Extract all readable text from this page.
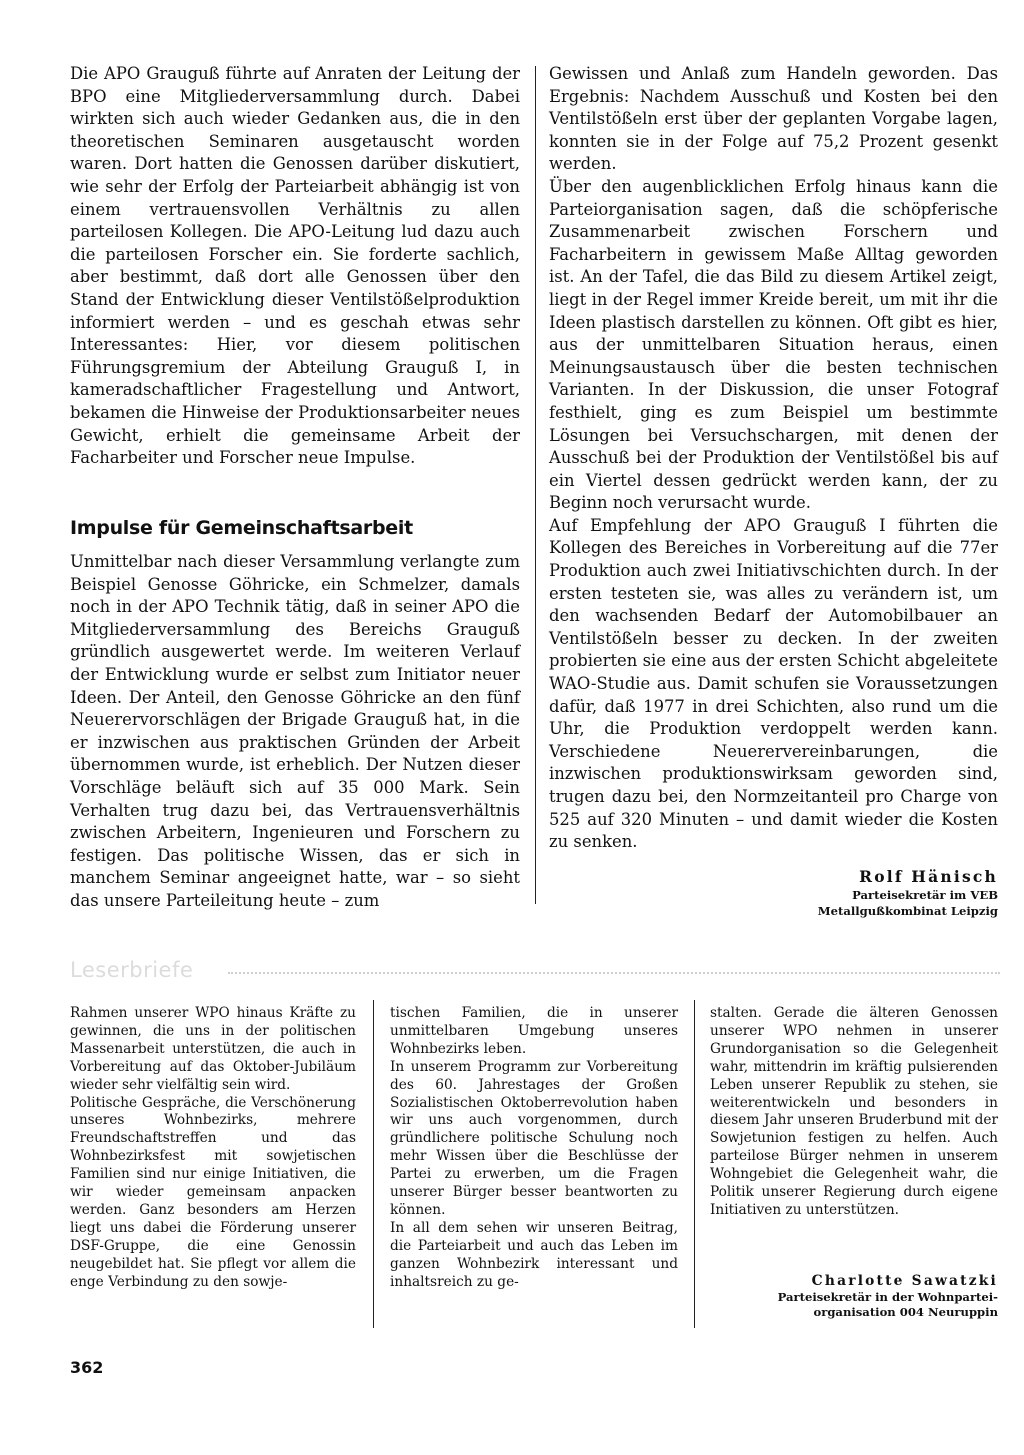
Die APO Grauguß führte auf Anraten der Leitung der BPO eine Mitgliederversammlung durch. Dabei wirkten sich auch wieder Gedanken aus, die in den theoretischen Seminaren ausgetauscht worden waren. Dort hatten die Genossen darüber diskutiert, wie sehr der Erfolg der Parteiarbeit abhängig ist von einem vertrauensvollen Verhältnis zu allen parteilosen Kollegen. Die APO-Leitung lud dazu auch die parteilosen Forscher ein. Sie forderte sachlich, aber bestimmt, daß dort alle Genossen über den Stand der Entwicklung dieser Ventilstößelproduktion informiert werden – und es geschah etwas sehr Interessantes: Hier, vor diesem politischen Führungsgremium der Abteilung Grauguß I, in kameradschaftlicher Fragestellung und Antwort, bekamen die Hinweise der Produktionsarbeiter neues Gewicht, erhielt die gemeinsame Arbeit der Facharbeiter und Forscher neue Impulse.

Impulse für Gemeinschaftsarbeit

Unmittelbar nach dieser Versammlung verlangte zum Beispiel Genosse Göhricke, ein Schmelzer, damals noch in der APO Technik tätig, daß in seiner APO die Mitgliederversammlung des Bereichs Grauguß gründlich ausgewertet werde. Im weiteren Verlauf der Entwicklung wurde er selbst zum Initiator neuer Ideen. Der Anteil, den Genosse Göhricke an den fünf Neuerervorschlägen der Brigade Grauguß hat, in die er inzwischen aus praktischen Gründen der Arbeit übernommen wurde, ist erheblich. Der Nutzen dieser Vorschläge beläuft sich auf 35 000 Mark. Sein Verhalten trug dazu bei, das Vertrauensverhältnis zwischen Arbeitern, Ingenieuren und Forschern zu festigen. Das politische Wissen, das er sich in manchem Seminar angeeignet hatte, war – so sieht das unsere Parteileitung heute – zum

Gewissen und Anlaß zum Handeln geworden. Das Ergebnis: Nachdem Ausschuß und Kosten bei den Ventilstößeln erst über der geplanten Vorgabe lagen, konnten sie in der Folge auf 75,2 Prozent gesenkt werden.

Über den augenblicklichen Erfolg hinaus kann die Parteiorganisation sagen, daß die schöpferische Zusammenarbeit zwischen Forschern und Facharbeitern in gewissem Maße Alltag geworden ist. An der Tafel, die das Bild zu diesem Artikel zeigt, liegt in der Regel immer Kreide bereit, um mit ihr die Ideen plastisch darstellen zu können. Oft gibt es hier, aus der unmittelbaren Situation heraus, einen Meinungsaustausch über die besten technischen Varianten. In der Diskussion, die unser Fotograf festhielt, ging es zum Beispiel um bestimmte Lösungen bei Versuchschargen, mit denen der Ausschuß bei der Produktion der Ventilstößel bis auf ein Viertel dessen gedrückt werden kann, der zu Beginn noch verursacht wurde.

Auf Empfehlung der APO Grauguß I führten die Kollegen des Bereiches in Vorbereitung auf die 77er Produktion auch zwei Initiativschichten durch. In der ersten testeten sie, was alles zu verändern ist, um den wachsenden Bedarf der Automobilbauer an Ventilstößeln besser zu decken. In der zweiten probierten sie eine aus der ersten Schicht abgeleitete WAO-Studie aus. Damit schufen sie Voraussetzungen dafür, daß 1977 in drei Schichten, also rund um die Uhr, die Produktion verdoppelt werden kann. Verschiedene Neuerervereinbarungen, die inzwischen produktionswirksam geworden sind, trugen dazu bei, den Normzeitanteil pro Charge von 525 auf 320 Minuten – und damit wieder die Kosten zu senken.

Rolf Hänisch
Parteisekretär im VEB
Metallgußkombinat Leipzig
Leserbriefe

Rahmen unserer WPO hinaus Kräfte zu gewinnen, die uns in der politischen Massenarbeit unterstützen, die auch in Vorbereitung auf das Oktober-Jubiläum wieder sehr vielfältig sein wird.

Politische Gespräche, die Verschönerung unseres Wohnbezirks, mehrere Freundschaftstreffen und das Wohnbezirksfest mit sowjetischen Familien sind nur einige Initiativen, die wir wieder gemeinsam anpacken werden. Ganz besonders am Herzen liegt uns dabei die Förderung unserer DSF-Gruppe, die eine Genossin neugebildet hat. Sie pflegt vor allem die enge Verbindung zu den sowje-

tischen Familien, die in unserer unmittelbaren Umgebung unseres Wohnbezirks leben.

In unserem Programm zur Vorbereitung des 60. Jahrestages der Großen Sozialistischen Oktoberrevolution haben wir uns auch vorgenommen, durch gründlichere politische Schulung noch mehr Wissen über die Beschlüsse der Partei zu erwerben, um die Fragen unserer Bürger besser beantworten zu können.

In all dem sehen wir unseren Beitrag, die Parteiarbeit und auch das Leben im ganzen Wohnbezirk interessant und inhaltsreich zu ge-

stalten. Gerade die älteren Genossen unserer WPO nehmen in unserer Grundorganisation so die Gelegenheit wahr, mittendrin im kräftig pulsierenden Leben unserer Republik zu stehen, sie weiterentwickeln und besonders in diesem Jahr unseren Bruderbund mit der Sowjetunion festigen zu helfen. Auch parteilose Bürger nehmen in unserem Wohngebiet die Gelegenheit wahr, die Politik unserer Regierung durch eigene Initiativen zu unterstützen.

Charlotte Sawatzki
Parteisekretär in der Wohnpartei-
organisation 004 Neuruppin
362
